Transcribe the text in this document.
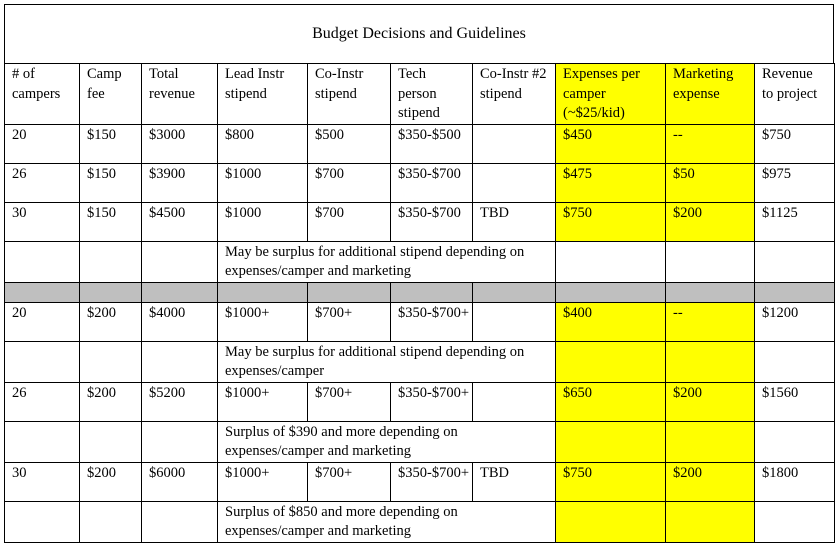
Budget Decisions and Guidelines
# of campers	Camp fee	Total revenue	Lead Instr stipend	Co-Instr stipend	Tech person stipend	Co-Instr #2 stipend	Expenses per camper (~$25/kid)	Marketing expense	Revenue to project
20	$150	$3000	$800	$500	$350-$500		$450	--	$750
26	$150	$3900	$1000	$700	$350-$700		$475	$50	$975
30	$150	$4500	$1000	$700	$350-$700	TBD	$750	$200	$1125
			May be surplus for additional stipend depending on expenses/camper and marketing						

20	$200	$4000	$1000+	$700+	$350-$700+		$400	--	$1200
			May be surplus for additional stipend depending on expenses/camper						
26	$200	$5200	$1000+	$700+	$350-$700+		$650	$200	$1560
			Surplus of $390 and more depending on expenses/camper and marketing						
30	$200	$6000	$1000+	$700+	$350-$700+	TBD	$750	$200	$1800
			Surplus of $850 and more depending on expenses/camper and marketing						
